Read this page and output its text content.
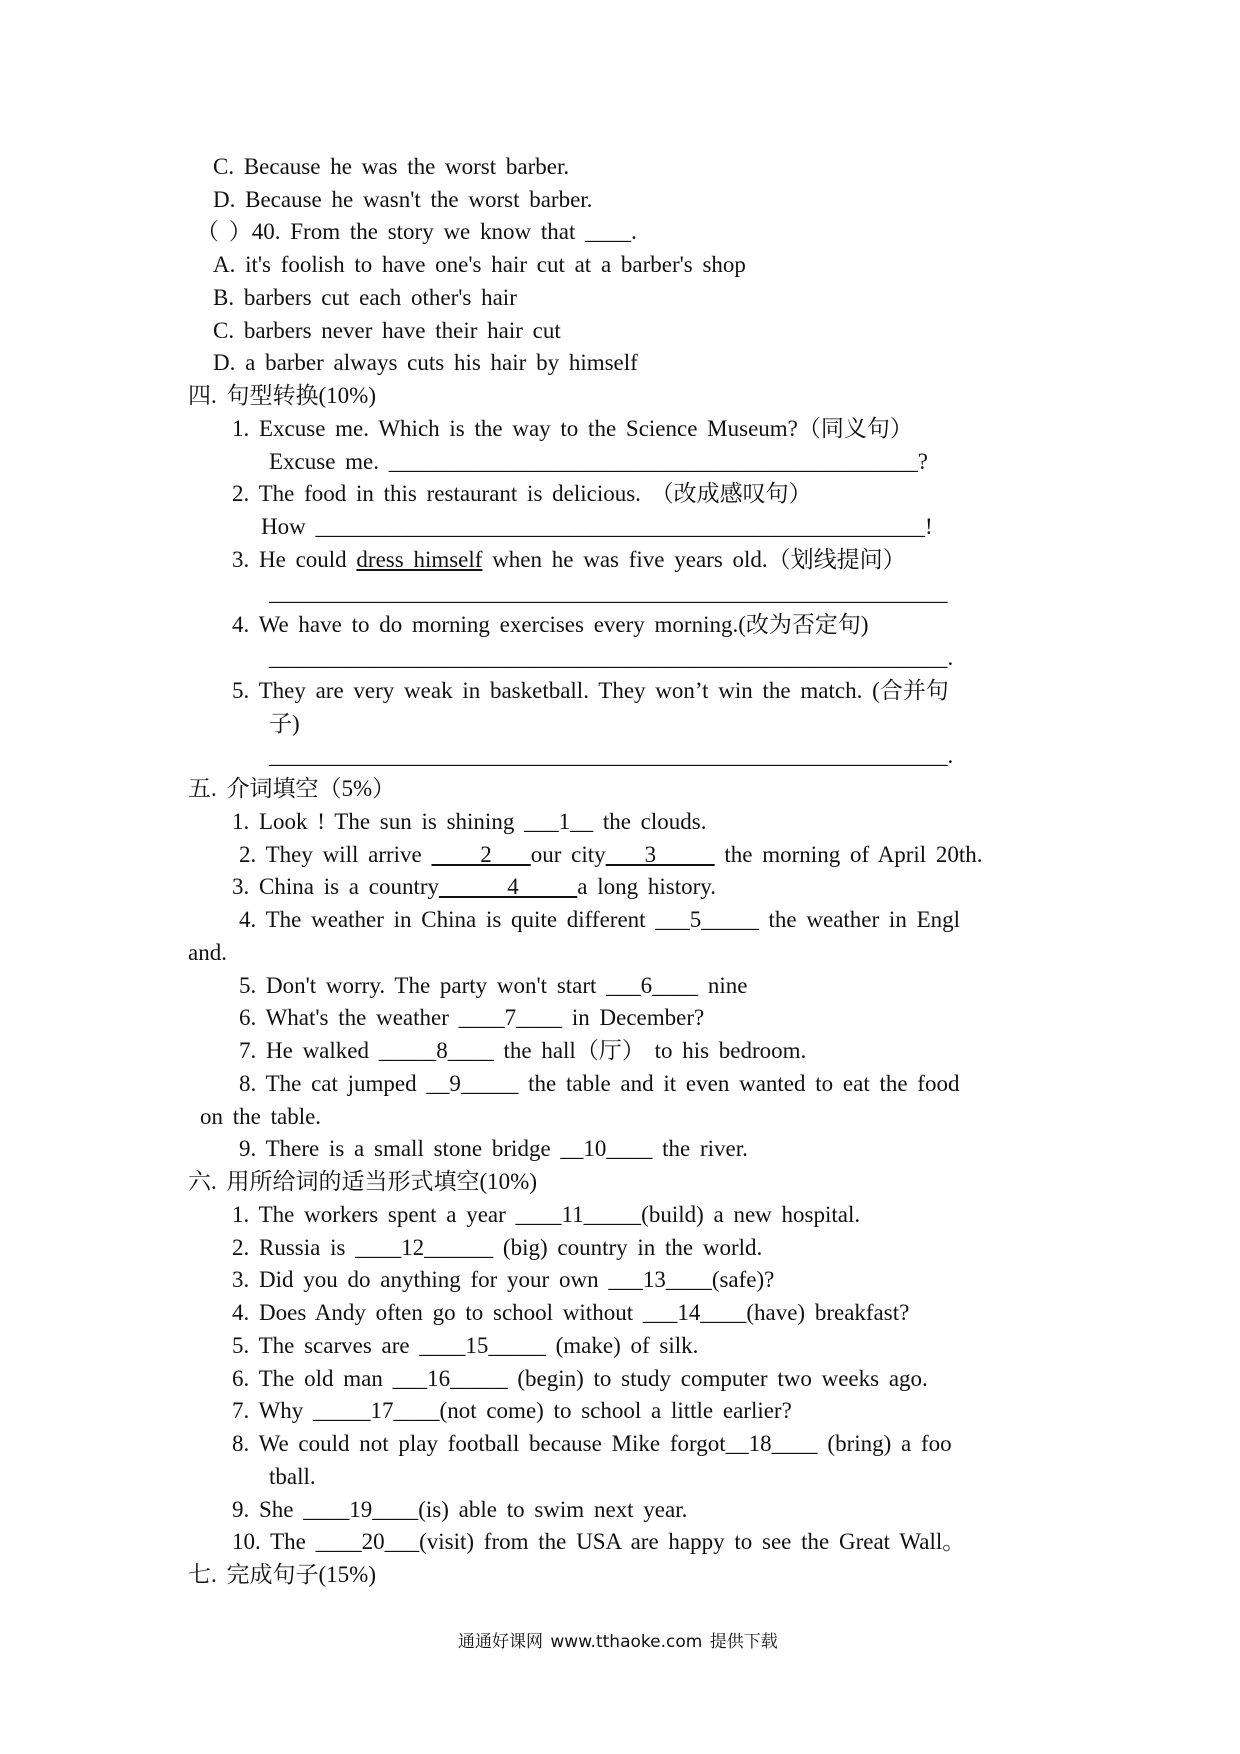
C. Because he was the worst barber.
D. Because he wasn't the worst barber.
（ ）40. From the story we know that ____.
A. it's foolish to have one's hair cut at a barber's shop
B. barbers cut each other's hair
C. barbers never have their hair cut
D. a barber always cuts his hair by himself
四. 句型转换(10%)
1. Excuse me. Which is the way to the Science Museum?（同义句）
Excuse me. ______________________________________________?
2. The food in this restaurant is delicious. （改成感叹句）
How _____________________________________________________!
3. He could dress himself when he was five years old.（划线提问）
___________________________________________________________
4. We have to do morning exercises every morning.(改为否定句)
___________________________________________________________.
5. They are very weak in basketball. They won’t win the match. (合并句
子)
___________________________________________________________.
五. 介词填空（5%）
1. Look ! The sun is shining ___1__ the clouds.
2. They will arrive      2    our city    3       the morning of April 20th.
3. China is a country       4      a long history.
4. The weather in China is quite different ___5_____ the weather in Engl
and.
5. Don't worry. The party won't start ___6____ nine
6. What's the weather ____7____ in December?
7. He walked _____8____ the hall（厅） to his bedroom.
8. The cat jumped __9_____ the table and it even wanted to eat the food
on the table.
9. There is a small stone bridge __10____ the river.
六. 用所给词的适当形式填空(10%)
1. The workers spent a year ____11_____(build) a new hospital.
2. Russia is ____12______ (big) country in the world.
3. Did you do anything for your own ___13____(safe)?
4. Does Andy often go to school without ___14____(have) breakfast?
5. The scarves are ____15_____ (make) of silk.
6. The old man ___16_____ (begin) to study computer two weeks ago.
7. Why _____17____(not come) to school a little earlier?
8. We could not play football because Mike forgot__18____ (bring) a foo
tball.
9. She ____19____(is) able to swim next year.
10. The ____20___(visit) from the USA are happy to see the Great Wall。
七. 完成句子(15%)
通通好课网 www.tthaoke.com 提供下载
